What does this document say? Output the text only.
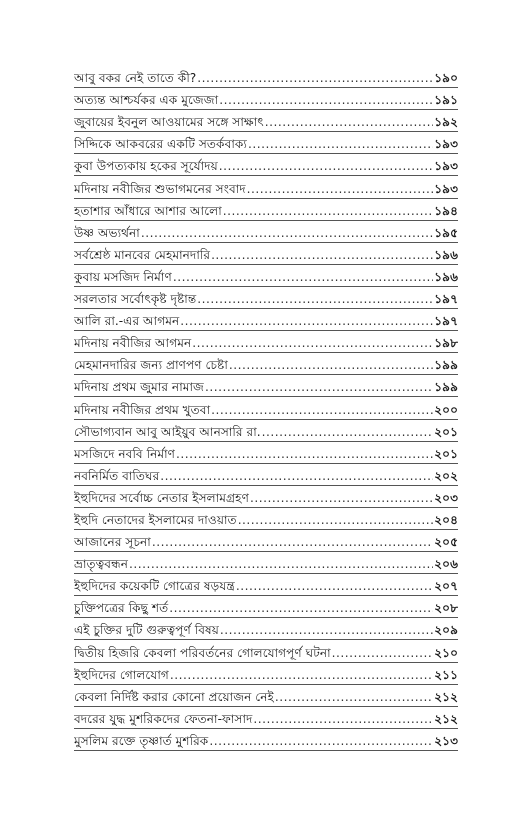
আবু বকর নেই তাতে কী? .....	১৯০
অত্যন্ত আশ্চর্যকর এক মুজেজা .....	১৯১
জুবায়ের ইবনুল আওয়ামের সঙ্গে সাক্ষাৎ .....	১৯২
সিদ্দিকে আকবরের একটি সতর্কবাক্য .....	১৯৩
কুবা উপত্যকায় হকের সূর্যোদয় .....	১৯৩
মদিনায় নবীজির শুভাগমনের সংবাদ .....	১৯৩
হতাশার আঁধারে আশার আলো .....	১৯৪
উষ্ণ অভ্যর্থনা .....	১৯৫
সর্বশ্রেষ্ঠ মানবের মেহমানদারি .....	১৯৬
কুবায় মসজিদ নির্মাণ .....	১৯৬
সরলতার সর্বোৎকৃষ্ট দৃষ্টান্ত .....	১৯৭
আলি রা.-এর আগমন .....	১৯৭
মদিনায় নবীজির আগমন .....	১৯৮
মেহমানদারির জন্য প্রাণপণ চেষ্টা .....	১৯৯
মদিনায় প্রথম জুমার নামাজ .....	১৯৯
মদিনায় নবীজির প্রথম খুতবা .....	২০০
সৌভাগ্যবান আবু আইয়ুব আনসারি রা. .....	২০১
মসজিদে নববি নির্মাণ .....	২০১
নবনির্মিত বাতিঘর .....	২০২
ইহুদিদের সর্বোচ্চ নেতার ইসলামগ্রহণ .....	২০৩
ইহুদি নেতাদের ইসলামের দাওয়াত .....	২০৪
আজানের সূচনা .....	২০৫
ভ্রাতৃত্ববন্ধন .....	২০৬
ইহুদিদের কয়েকটি গোত্রের ষড়যন্ত্র .....	২০৭
চুক্তিপত্রের কিছু শর্ত .....	২০৮
এই চুক্তির দুটি গুরুত্বপূর্ণ বিষয় .....	২০৯
দ্বিতীয় হিজরি কেবলা পরিবর্তনের গোলযোগপূর্ণ ঘটনা .....	২১০
ইহুদিদের গোলযোগ .....	২১১
কেবলা নির্দিষ্ট করার কোনো প্রয়োজন নেই .....	২১২
বদরের যুদ্ধ মুশরিকদের ফেতনা-ফাসাদ .....	২১২
মুসলিম রক্তে তৃষ্ণার্ত মুশরিক .....	২১৩
